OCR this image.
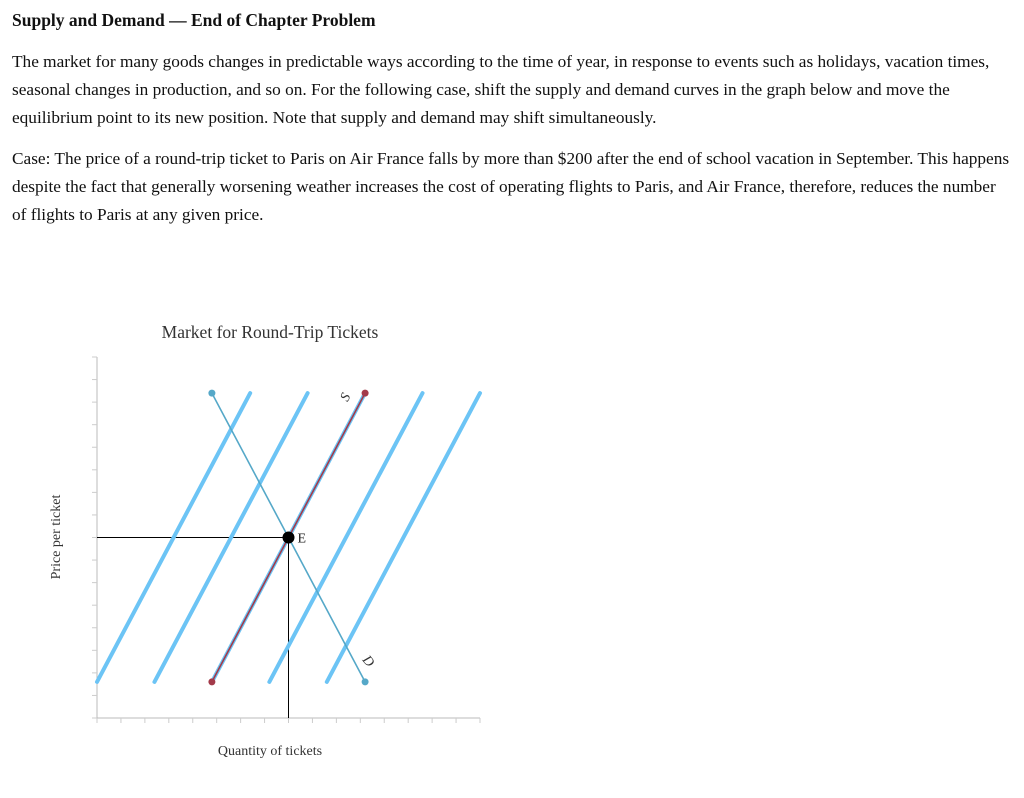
Supply and Demand — End of Chapter Problem

The market for many goods changes in predictable ways according to the time of year, in response to events such as holidays, vacation times, seasonal changes in production, and so on. For the following case, shift the supply and demand curves in the graph below and move the equilibrium point to its new position. Note that supply and demand may shift simultaneously.

Case: The price of a round-trip ticket to Paris on Air France falls by more than $200 after the end of school vacation in September. This happens despite the fact that generally worsening weather increases the cost of operating flights to Paris, and Air France, therefore, reduces the number of flights to Paris at any given price.

Market for Round-Trip Tickets
D
S
E
Quantity of tickets
Price per ticket
